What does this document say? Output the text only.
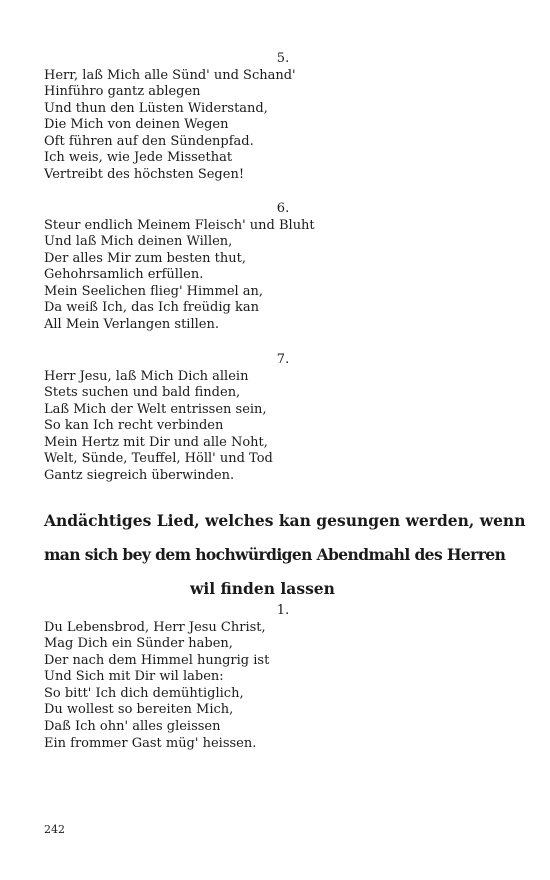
5.
Herr, laß Mich alle Sünd' und Schand'
Hinführo gantz ablegen
Und thun den Lüsten Widerstand,
Die Mich von deinen Wegen
Oft führen auf den Sündenpfad.
Ich weis, wie Jede Missethat
Vertreibt des höchsten Segen!
6.
Steur endlich Meinem Fleisch' und Bluht
Und laß Mich deinen Willen,
Der alles Mir zum besten thut,
Gehohrsamlich erfüllen.
Mein Seelichen flieg' Himmel an,
Da weiß Ich, das Ich freüdig kan
All Mein Verlangen stillen.
7.
Herr Jesu, laß Mich Dich allein
Stets suchen und bald finden,
Laß Mich der Welt entrissen sein,
So kan Ich recht verbinden
Mein Hertz mit Dir und alle Noht,
Welt, Sünde, Teuffel, Höll' und Tod
Gantz siegreich überwinden.
Andächtiges Lied, welches kan gesungen werden, wenn
man sich bey dem hochwürdigen Abendmahl des Herren
wil finden lassen
1.
Du Lebensbrod, Herr Jesu Christ,
Mag Dich ein Sünder haben,
Der nach dem Himmel hungrig ist
Und Sich mit Dir wil laben:
So bitt' Ich dich demühtiglich,
Du wollest so bereiten Mich,
Daß Ich ohn' alles gleissen
Ein frommer Gast müg' heissen.
242
